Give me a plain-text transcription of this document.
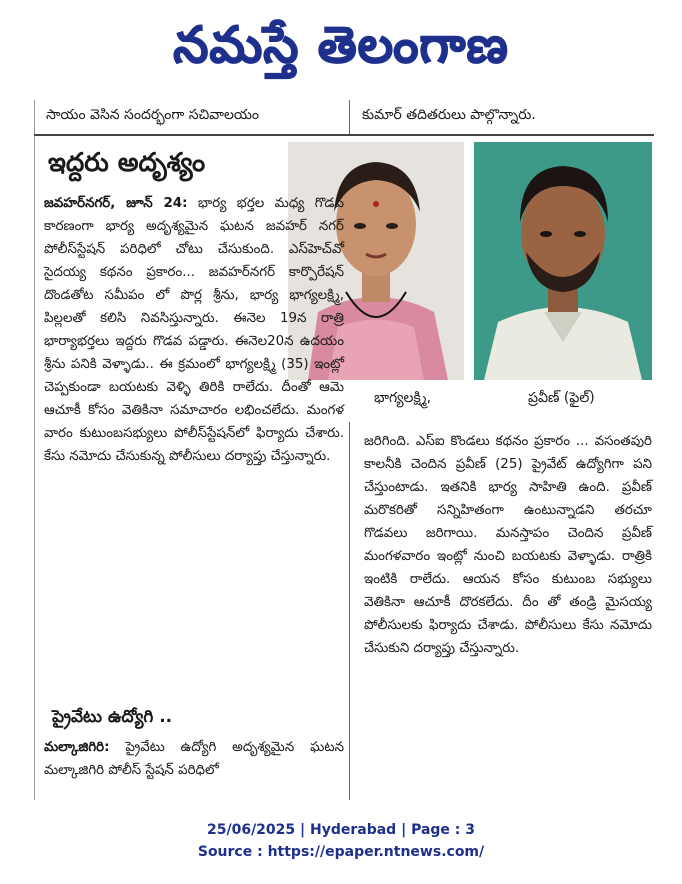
నమస్తే తెలంగాణ
సాయం వెసిన సందర్భంగా సచివాలయం	కుమార్ తదితరులు పాల్గొన్నారు.
ఇద్దరు అదృశ్యం
భాగ్యలక్ష్మి,	ప్రవీణ్ (ఫైల్)

జవహర్‌నగర్, జూన్ 24: భార్య భర్తల మధ్య గొడవ కారణంగా భార్య అదృశ్యమైన ఘటన జవహర్ నగర్ పోలీస్‌స్టేషన్ పరిధిలో చోటు చేసుకుంది. ఎస్‌హెచ్‌వో సైదయ్య కథనం ప్రకారం... జవహర్‌నగర్ కార్పొరేషన్ దొండతోట సమీపం లో పొర్ల శ్రీను, భార్య భాగ్యలక్ష్మి, పిల్లలతో కలిసి నివసిస్తున్నారు. ఈనెల 19న రాత్రి భార్యాభర్తలు ఇద్దరు గొడవ పడ్డారు. ఈనెల20న ఉదయం శ్రీను పనికి వెళ్ళాడు.. ఈ క్రమంలో భాగ్యలక్ష్మి (35) ఇంట్లో చెప్పకుండా బయటకు వెళ్ళి తిరికి రాలేదు. దీంతో ఆమె ఆచూకీ కోసం వెతికినా సమాచారం లభించలేదు. మంగళ వారం కుటుంబసభ్యులు పోలీస్‌స్టేషన్‌లో ఫిర్యాదు చేశారు. కేసు నమోదు చేసుకున్న పోలీసులు దర్యాప్తు చేస్తున్నారు.

ప్రైవేటు ఉద్యోగి ..

మల్కాజిగిరి: ప్రైవేటు ఉద్యోగి అదృశ్యమైన ఘటన మల్కాజిగిరి పోలీస్ స్టేషన్ పరిధిలో

జరిగింది. ఎస్ఐ కొండలు కథనం ప్రకారం ... వసంతపురి కాలనీకి చెందిన ప్రవీణ్ (25) ప్రైవేట్ ఉద్యోగిగా పని చేస్తుంటాడు. ఇతనికి భార్య సాహితి ఉంది. ప్రవీణ్ మరొకరితో సన్నిహితంగా ఉంటున్నాడని తరచూ గొడవలు జరిగాయి. మనస్తాపం చెందిన ప్రవీణ్ మంగళవారం ఇంట్లో నుంచి బయటకు వెళ్ళాడు. రాత్రికి ఇంటికి రాలేదు. ఆయన కోసం కుటుంబ సభ్యులు వెతికినా ఆచూకీ దొరకలేదు. దీం తో తండ్రి మైసయ్య పోలీసులకు ఫిర్యాదు చేశాడు. పోలీసులు కేసు నమోదు చేసుకుని దర్యాప్తు చేస్తున్నారు.

25/06/2025 | Hyderabad | Page : 3
Source : https://epaper.ntnews.com/
